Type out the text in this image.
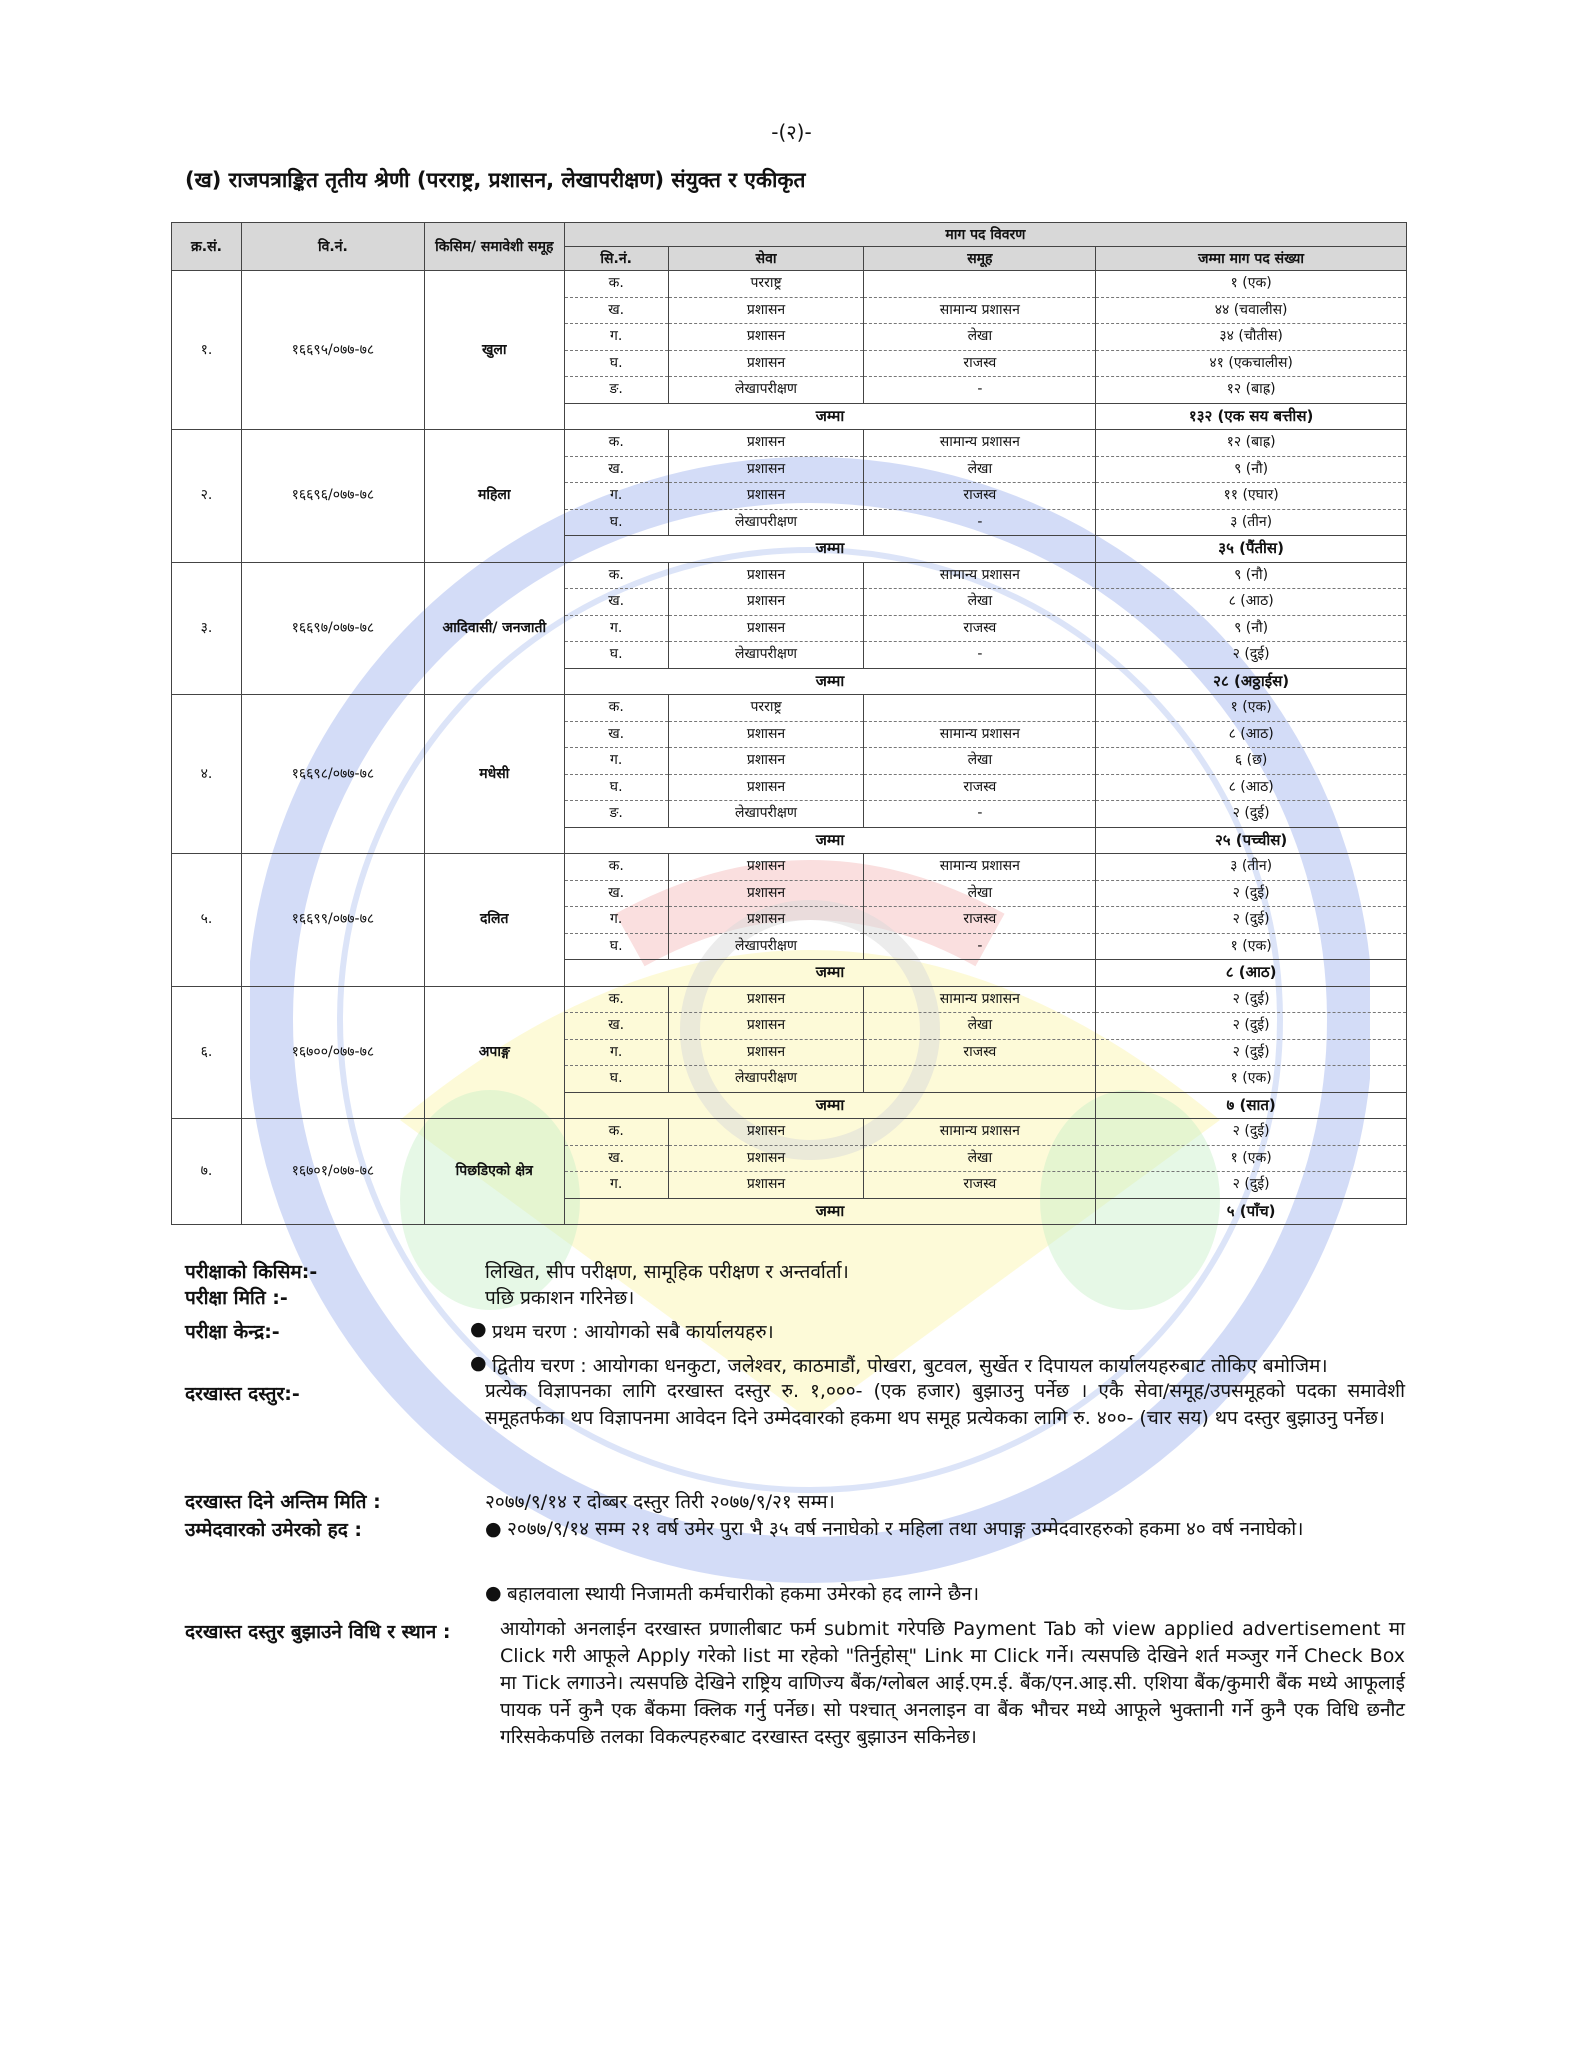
-(२)-
(ख) राजपत्राङ्कित तृतीय श्रेणी (परराष्ट्र, प्रशासन, लेखापरीक्षण) संयुक्त र एकीकृत
क्र.सं.	वि.नं.	किसिम/ समावेशी समूह	माग पद विवरण			
			सि.नं.	सेवा	समूह	जम्मा माग पद संख्या
१.	१६६९५/०७७-७८	खुला	क.	परराष्ट्र		१ (एक)
			ख.	प्रशासन	सामान्य प्रशासन	४४ (चवालीस)
			ग.	प्रशासन	लेखा	३४ (चौतीस)
			घ.	प्रशासन	राजस्व	४१ (एकचालीस)
			ङ.	लेखापरीक्षण	-	१२ (बाह्र)
			जम्मा			१३२ (एक सय बत्तीस)
२.	१६६९६/०७७-७८	महिला	क.	प्रशासन	सामान्य प्रशासन	१२ (बाह्र)
			ख.	प्रशासन	लेखा	९ (नौ)
			ग.	प्रशासन	राजस्व	११ (एघार)
			घ.	लेखापरीक्षण	-	३ (तीन)
			जम्मा			३५ (पैंतीस)
३.	१६६९७/०७७-७८	आदिवासी/ जनजाती	क.	प्रशासन	सामान्य प्रशासन	९ (नौ)
			ख.	प्रशासन	लेखा	८ (आठ)
			ग.	प्रशासन	राजस्व	९ (नौ)
			घ.	लेखापरीक्षण	-	२ (दुई)
			जम्मा			२८ (अठ्ठाईस)
४.	१६६९८/०७७-७८	मधेसी	क.	परराष्ट्र		१ (एक)
			ख.	प्रशासन	सामान्य प्रशासन	८ (आठ)
			ग.	प्रशासन	लेखा	६ (छ)
			घ.	प्रशासन	राजस्व	८ (आठ)
			ङ.	लेखापरीक्षण	-	२ (दुई)
			जम्मा			२५ (पच्चीस)
५.	१६६९९/०७७-७८	दलित	क.	प्रशासन	सामान्य प्रशासन	३ (तीन)
			ख.	प्रशासन	लेखा	२ (दुई)
			ग.	प्रशासन	राजस्व	२ (दुई)
			घ.	लेखापरीक्षण	-	१ (एक)
			जम्मा			८ (आठ)
६.	१६७००/०७७-७८	अपाङ्ग	क.	प्रशासन	सामान्य प्रशासन	२ (दुई)
			ख.	प्रशासन	लेखा	२ (दुई)
			ग.	प्रशासन	राजस्व	२ (दुई)
			घ.	लेखापरीक्षण		१ (एक)
			जम्मा			७ (सात)
७.	१६७०१/०७७-७८	पिछडिएको क्षेत्र	क.	प्रशासन	सामान्य प्रशासन	२ (दुई)
			ख.	प्रशासन	लेखा	१ (एक)
			ग.	प्रशासन	राजस्व	२ (दुई)
			जम्मा			५ (पाँच)
परीक्षाको किसिम:-	लिखित, सीप परीक्षण, सामूहिक परीक्षण र अन्तर्वार्ता।
परीक्षा मिति :-	पछि प्रकाशन गरिनेछ।
परीक्षा केन्द्र:-	● प्रथम चरण : आयोगको सबै कार्यालयहरु।
● द्वितीय चरण : आयोगका धनकुटा, जलेश्वर, काठमाडौं, पोखरा, बुटवल, सुर्खेत र दिपायल कार्यालयहरुबाट तोकिए बमोजिम।
दरखास्त दस्तुर:-	प्रत्येक विज्ञापनका लागि दरखास्त दस्तुर रु. १,०००- (एक हजार) बुझाउनु पर्नेछ । एकै सेवा/समूह/उपसमूहको पदका समावेशी समूहतर्फका थप विज्ञापनमा आवेदन दिने उम्मेदवारको हकमा थप समूह प्रत्येकका लागि रु. ४००- (चार सय) थप दस्तुर बुझाउनु पर्नेछ।
दरखास्त दिने अन्तिम मिति :	२०७७/९/१४ र दोब्बर दस्तुर तिरी २०७७/९/२१ सम्म।
उम्मेदवारको उमेरको हद :	● २०७७/९/१४ सम्म २१ वर्ष उमेर पुरा भै ३५ वर्ष ननाघेको र महिला तथा अपाङ्ग उम्मेदवारहरुको हकमा ४० वर्ष ननाघेको।
● बहालवाला स्थायी निजामती कर्मचारीको हकमा उमेरको हद लाग्ने छैन।
दरखास्त दस्तुर बुझाउने विधि र स्थान :	आयोगको अनलाईन दरखास्त प्रणालीबाट फर्म submit गरेपछि Payment Tab को view applied advertisement मा Click गरी आफूले Apply गरेको list मा रहेको "तिर्नुहोस्" Link मा Click गर्ने। त्यसपछि देखिने शर्त मञ्जुर गर्ने Check Box मा Tick लगाउने। त्यसपछि देखिने राष्ट्रिय वाणिज्य बैंक/ग्लोबल आई.एम.ई. बैंक/एन.आइ.सी. एशिया बैंक/कुमारी बैंक मध्ये आफूलाई पायक पर्ने कुनै एक बैंकमा क्लिक गर्नु पर्नेछ। सो पश्चात् अनलाइन वा बैंक भौचर मध्ये आफूले भुक्तानी गर्ने कुनै एक विधि छनौट गरिसकेकपछि तलका विकल्पहरुबाट दरखास्त दस्तुर बुझाउन सकिनेछ।
